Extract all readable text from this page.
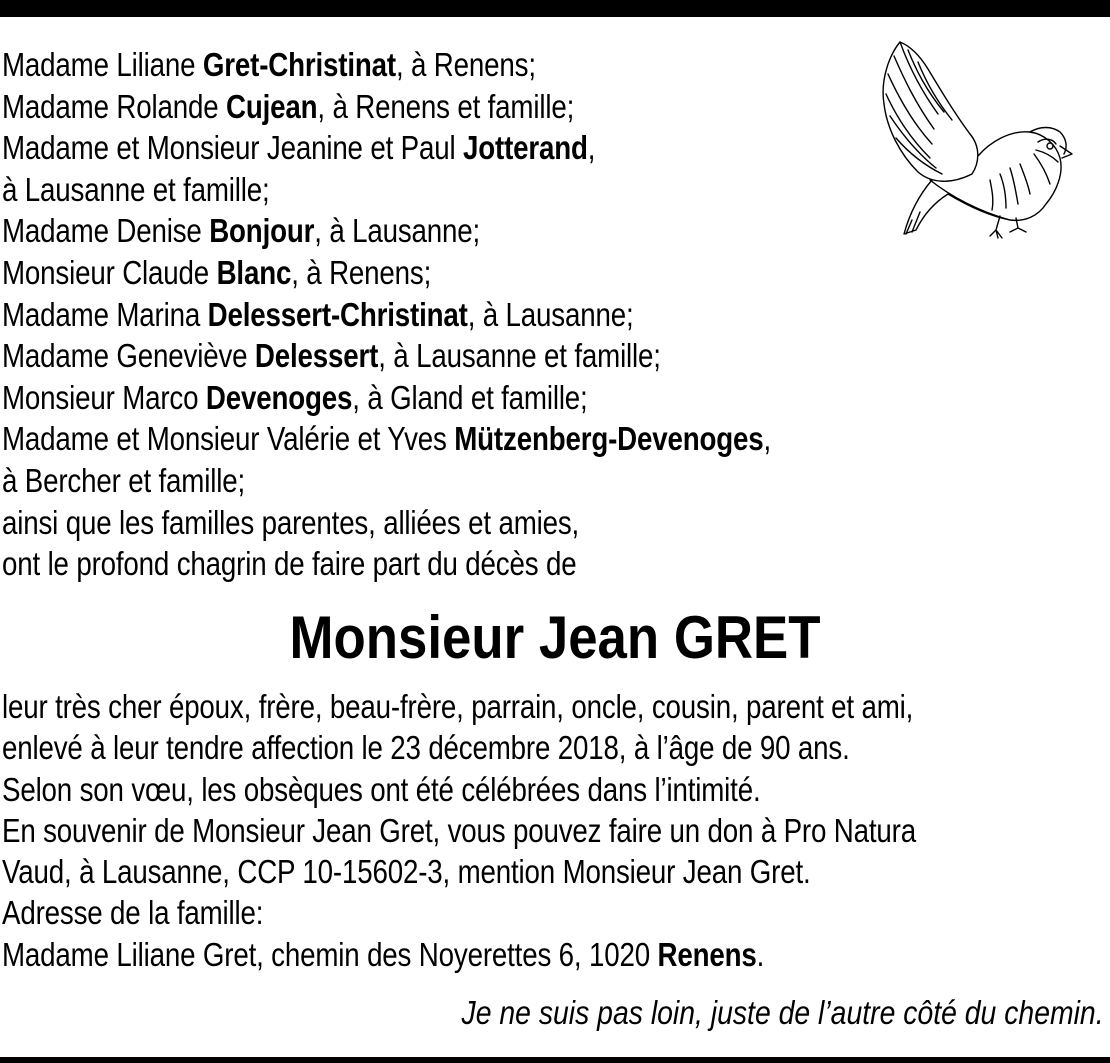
Madame Liliane Gret-Christinat, à Renens;
Madame Rolande Cujean, à Renens et famille;
Madame et Monsieur Jeanine et Paul Jotterand,
à Lausanne et famille;
Madame Denise Bonjour, à Lausanne;
Monsieur Claude Blanc, à Renens;
Madame Marina Delessert-Christinat, à Lausanne;
Madame Geneviève Delessert, à Lausanne et famille;
Monsieur Marco Devenoges, à Gland et famille;
Madame et Monsieur Valérie et Yves Mützenberg-Devenoges,
à Bercher et famille;
ainsi que les familles parentes, alliées et amies,
ont le profond chagrin de faire part du décès de
Monsieur Jean GRET
leur très cher époux, frère, beau-frère, parrain, oncle, cousin, parent et ami,
enlevé à leur tendre affection le 23 décembre 2018, à l’âge de 90 ans.
Selon son vœu, les obsèques ont été célébrées dans l’intimité.
En souvenir de Monsieur Jean Gret, vous pouvez faire un don à Pro Natura
Vaud, à Lausanne, CCP 10-15602-3, mention Monsieur Jean Gret.
Adresse de la famille:
Madame Liliane Gret, chemin des Noyerettes 6, 1020 Renens.
Je ne suis pas loin, juste de l’autre côté du chemin.
